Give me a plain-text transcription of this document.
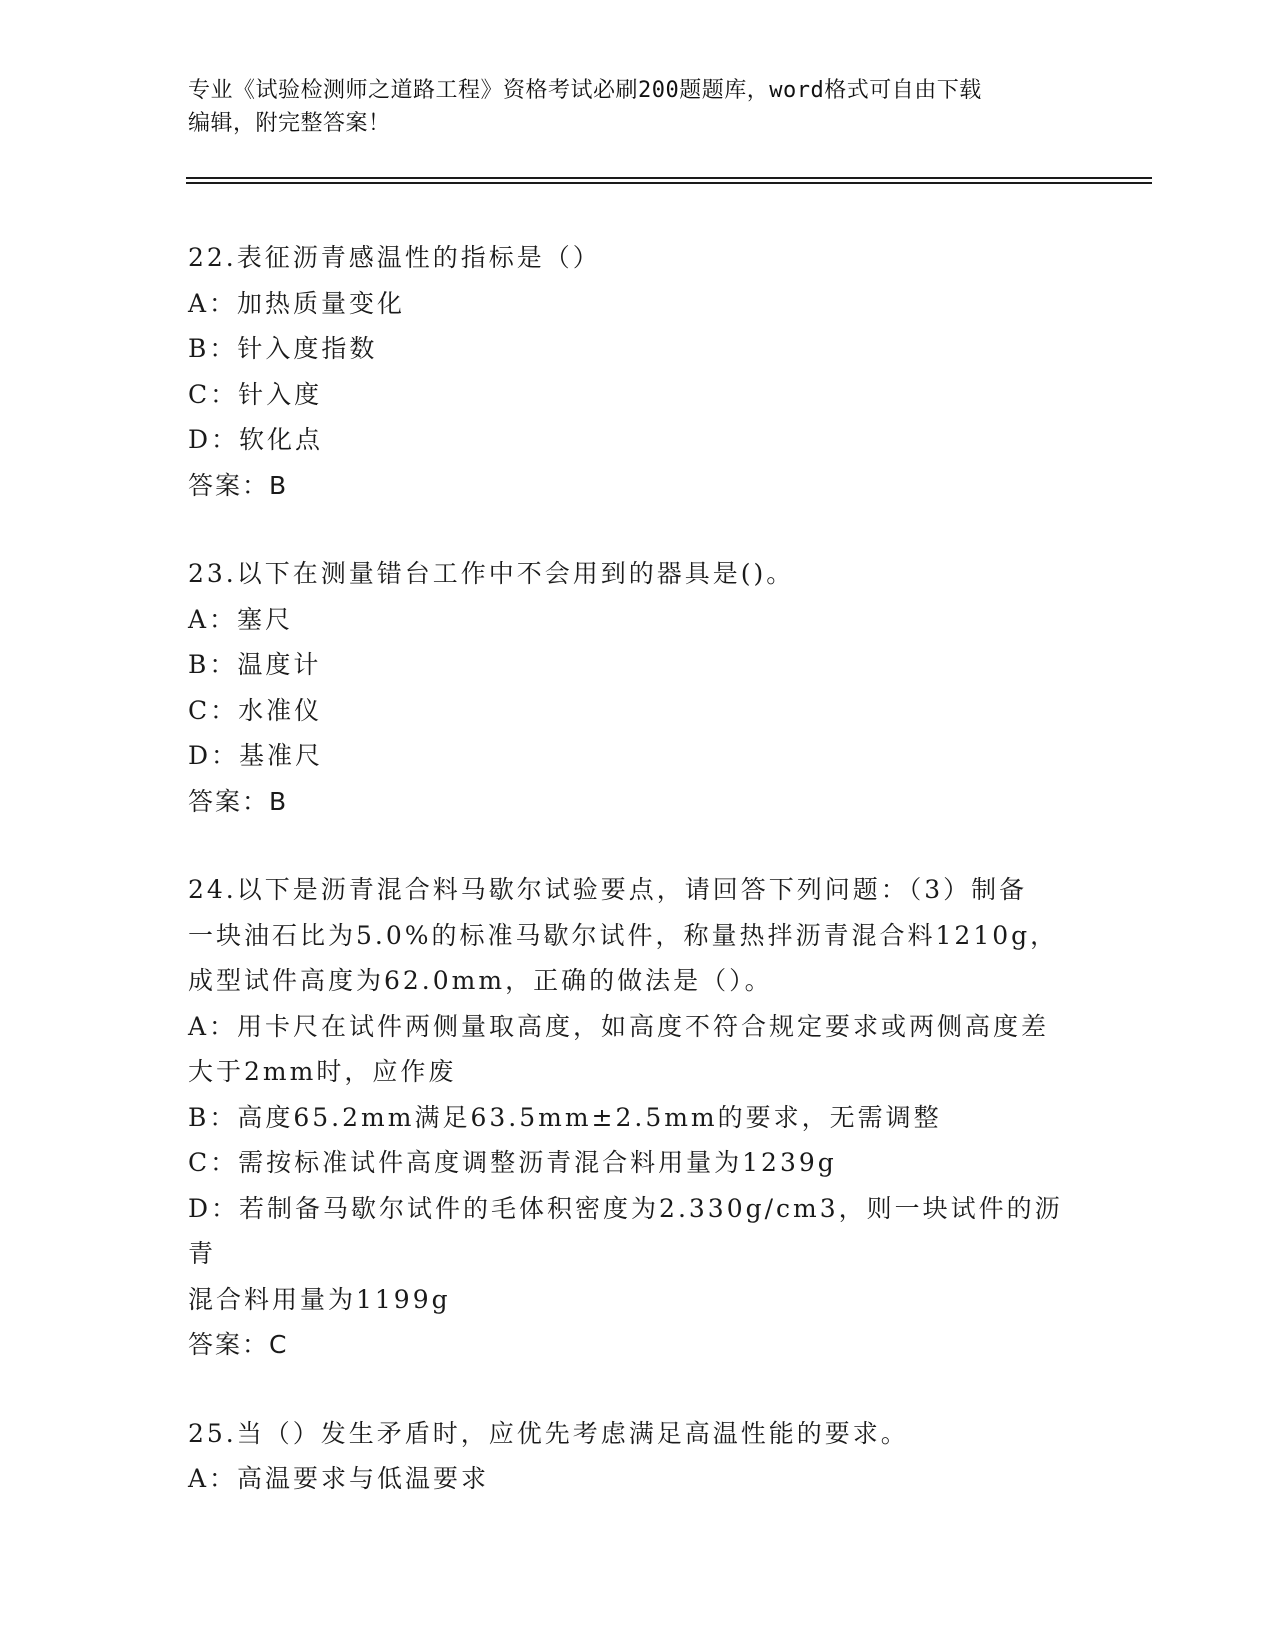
专业《试验检测师之道路工程》资格考试必刷200题题库，word格式可自由下载
编辑，附完整答案！
22.表征沥青感温性的指标是（）
A：加热质量变化
B：针入度指数
C：针入度
D：软化点
答案：B
23.以下在测量错台工作中不会用到的器具是()。
A：塞尺
B：温度计
C：水准仪
D：基准尺
答案：B
24.以下是沥青混合料马歇尔试验要点，请回答下列问题：（3）制备
一块油石比为5.0%的标准马歇尔试件，称量热拌沥青混合料1210g，
成型试件高度为62.0mm，正确的做法是（）。
A：用卡尺在试件两侧量取高度，如高度不符合规定要求或两侧高度差
大于2mm时，应作废
B：高度65.2mm满足63.5mm±2.5mm的要求，无需调整
C：需按标准试件高度调整沥青混合料用量为1239g
D：若制备马歇尔试件的毛体积密度为2.330g/cm3，则一块试件的沥青
混合料用量为1199g
答案：C
25.当（）发生矛盾时，应优先考虑满足高温性能的要求。
A：高温要求与低温要求
